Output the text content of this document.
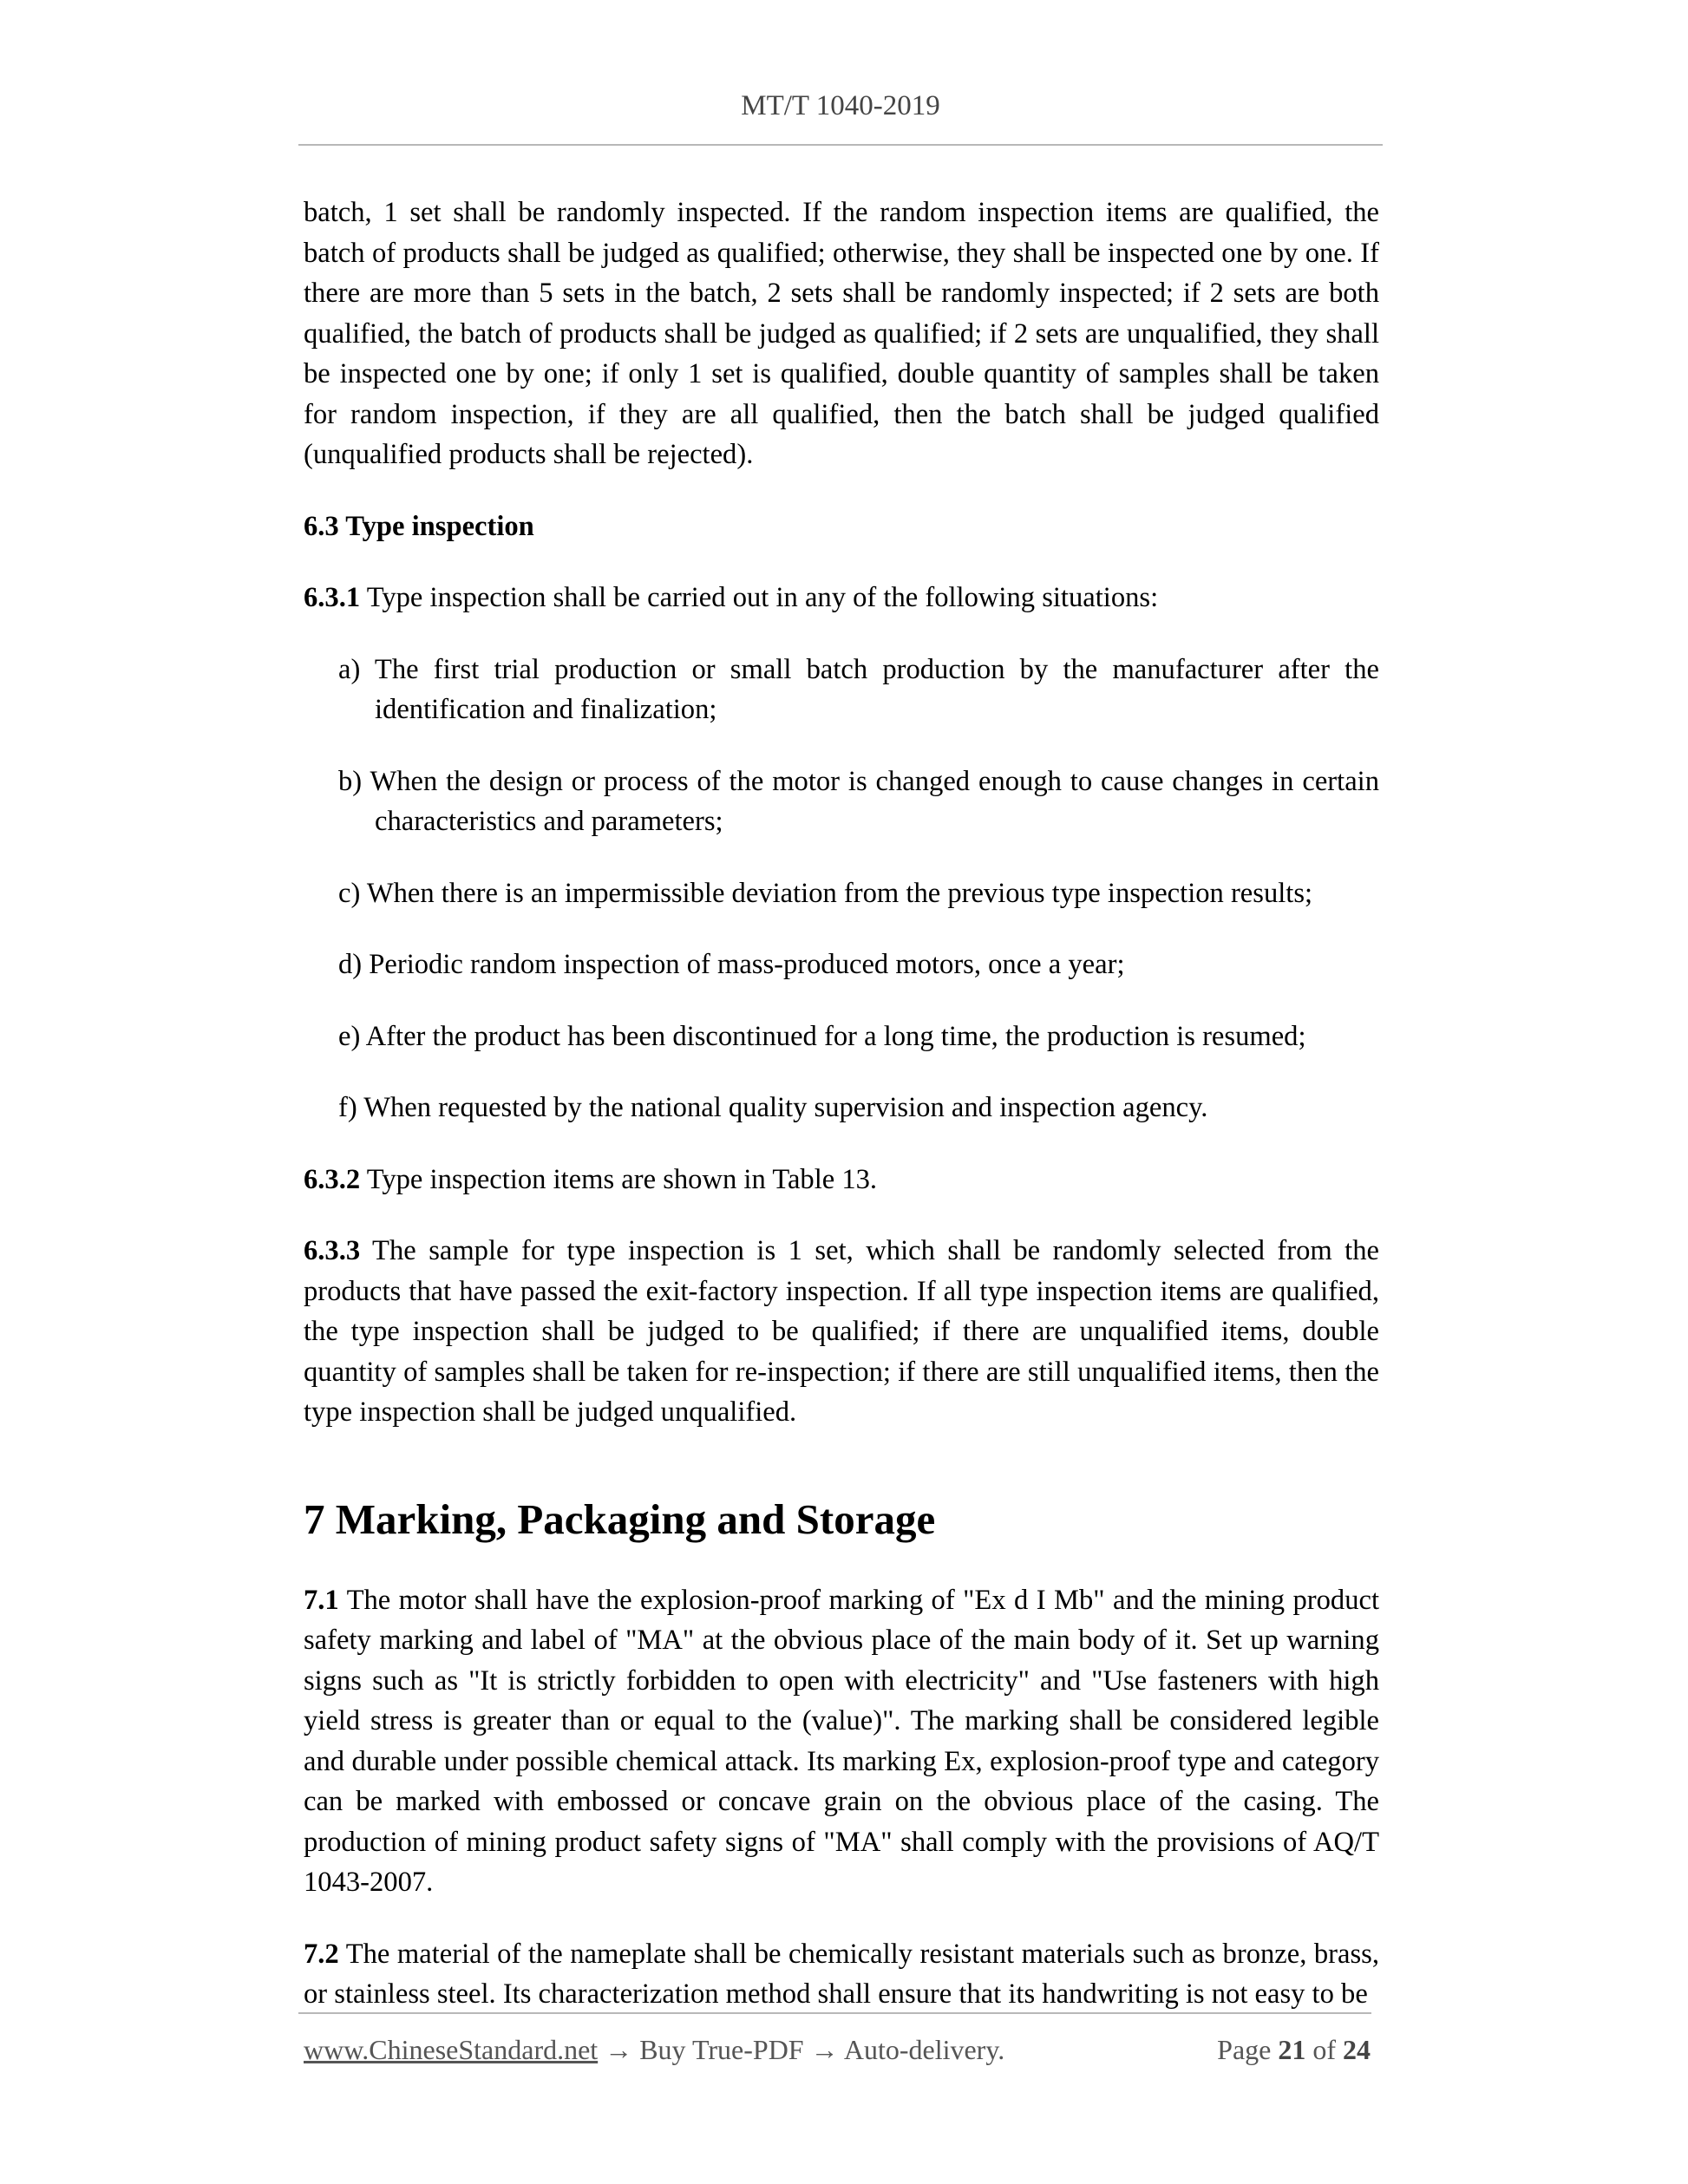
MT/T 1040-2019

batch, 1 set shall be randomly inspected. If the random inspection items are qualified, the batch of products shall be judged as qualified; otherwise, they shall be inspected one by one. If there are more than 5 sets in the batch, 2 sets shall be randomly inspected; if 2 sets are both qualified, the batch of products shall be judged as qualified; if 2 sets are unqualified, they shall be inspected one by one; if only 1 set is qualified, double quantity of samples shall be taken for random inspection, if they are all qualified, then the batch shall be judged qualified (unqualified products shall be rejected).

6.3 Type inspection

6.3.1 Type inspection shall be carried out in any of the following situations:

a) The first trial production or small batch production by the manufacturer after the identification and finalization;

b) When the design or process of the motor is changed enough to cause changes in certain characteristics and parameters;

c) When there is an impermissible deviation from the previous type inspection results;

d) Periodic random inspection of mass-produced motors, once a year;

e) After the product has been discontinued for a long time, the production is resumed;

f) When requested by the national quality supervision and inspection agency.

6.3.2 Type inspection items are shown in Table 13.

6.3.3 The sample for type inspection is 1 set, which shall be randomly selected from the products that have passed the exit-factory inspection. If all type inspection items are qualified, the type inspection shall be judged to be qualified; if there are unqualified items, double quantity of samples shall be taken for re-inspection; if there are still unqualified items, then the type inspection shall be judged unqualified.

7 Marking, Packaging and Storage

7.1 The motor shall have the explosion-proof marking of "Ex d I Mb" and the mining product safety marking and label of "MA" at the obvious place of the main body of it. Set up warning signs such as "It is strictly forbidden to open with electricity" and "Use fasteners with high yield stress is greater than or equal to the (value)". The marking shall be considered legible and durable under possible chemical attack. Its marking Ex, explosion-proof type and category can be marked with embossed or concave grain on the obvious place of the casing. The production of mining product safety signs of "MA" shall comply with the provisions of AQ/T 1043-2007.

7.2 The material of the nameplate shall be chemically resistant materials such as bronze, brass, or stainless steel. Its characterization method shall ensure that its handwriting is not easy to be

www.ChineseStandard.net → Buy True-PDF → Auto-delivery.	Page 21 of 24
